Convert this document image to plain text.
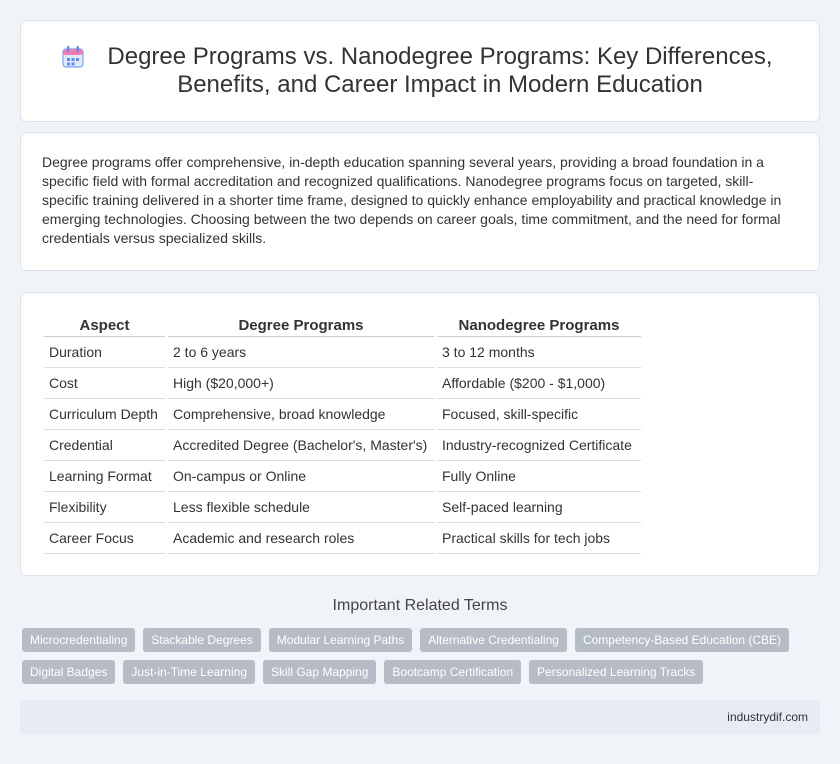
Degree Programs vs. Nanodegree Programs: Key Differences, Benefits, and Career Impact in Modern Education

Degree programs offer comprehensive, in-depth education spanning several years, providing a broad foundation in a specific field with formal accreditation and recognized qualifications. Nanodegree programs focus on targeted, skill-specific training delivered in a shorter time frame, designed to quickly enhance employability and practical knowledge in emerging technologies. Choosing between the two depends on career goals, time commitment, and the need for formal credentials versus specialized skills.

Aspect	Degree Programs	Nanodegree Programs
Duration	2 to 6 years	3 to 12 months
Cost	High ($20,000+)	Affordable ($200 - $1,000)
Curriculum Depth	Comprehensive, broad knowledge	Focused, skill-specific
Credential	Accredited Degree (Bachelor's, Master's)	Industry-recognized Certificate
Learning Format	On-campus or Online	Fully Online
Flexibility	Less flexible schedule	Self-paced learning
Career Focus	Academic and research roles	Practical skills for tech jobs
Important Related Terms
Microcredentialing	Stackable Degrees	Modular Learning Paths	Alternative Credentialing	Competency-Based Education (CBE)
Digital Badges	Just-in-Time Learning	Skill Gap Mapping	Bootcamp Certification	Personalized Learning Tracks
industrydif.com
